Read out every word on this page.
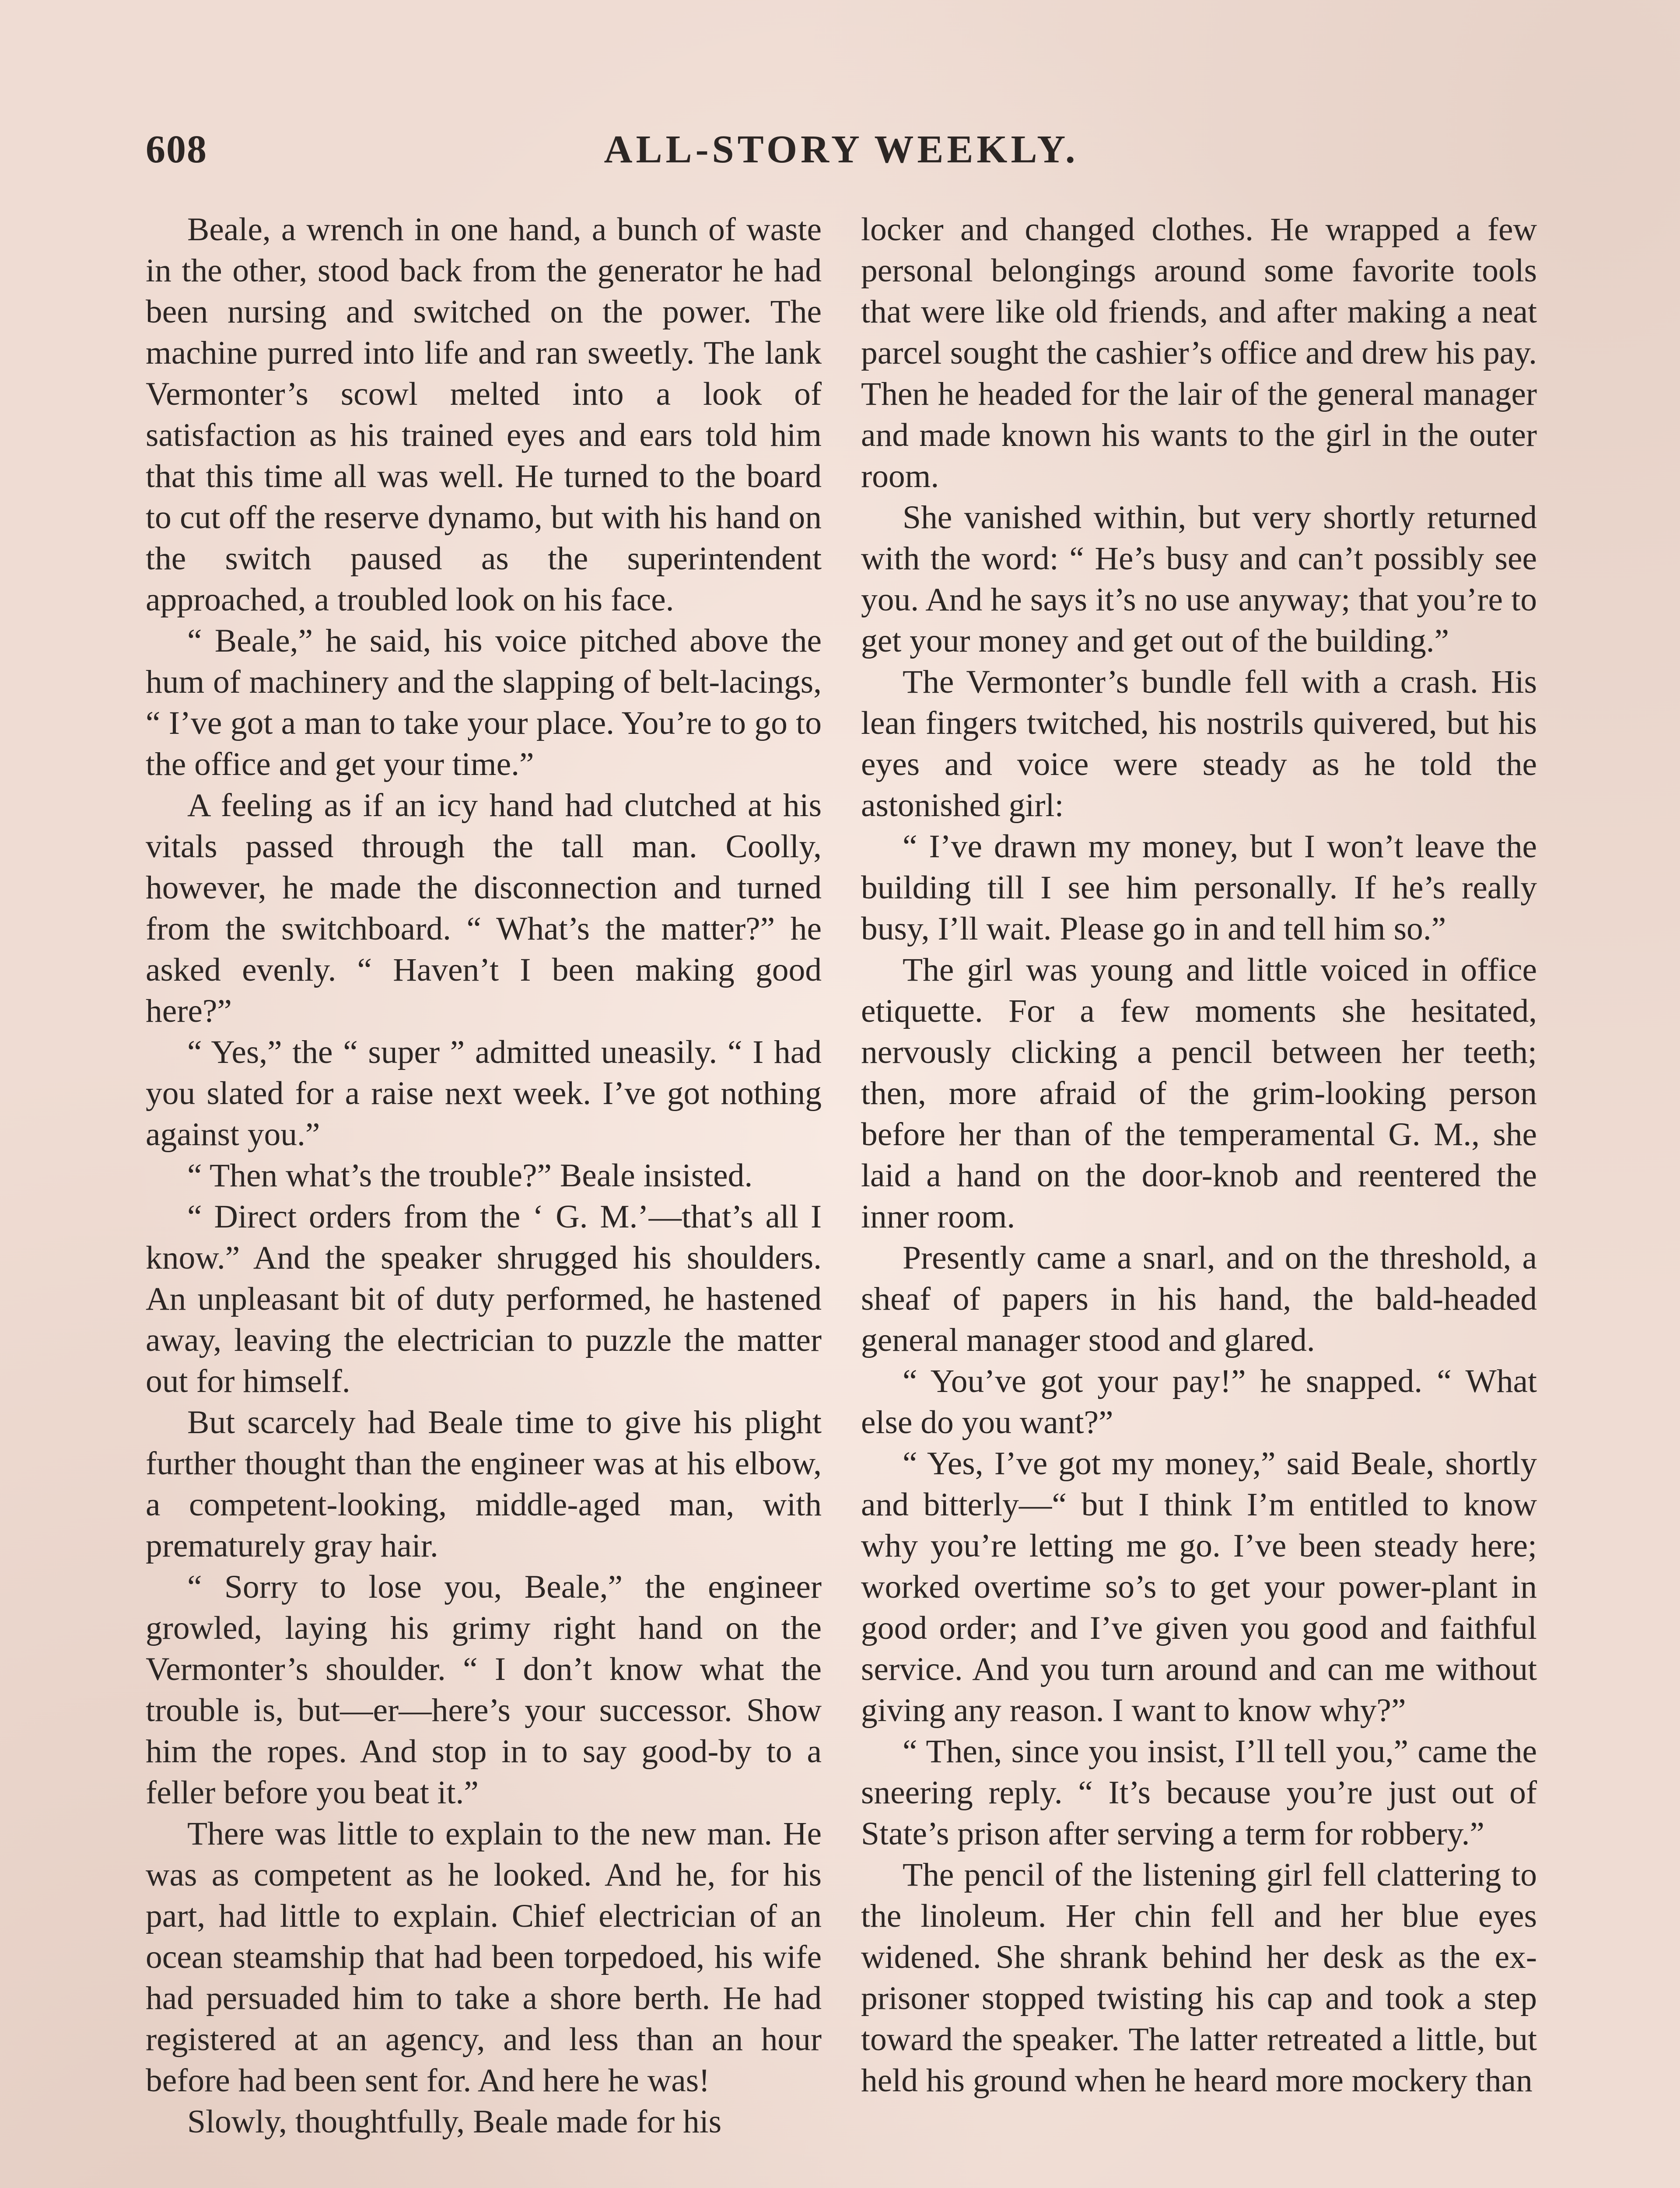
608	ALL-STORY WEEKLY.

Beale, a wrench in one hand, a bunch of waste in the other, stood back from the generator he had been nursing and switched on the power. The machine purred into life and ran sweetly. The lank Vermonter’s scowl melted into a look of satisfaction as his trained eyes and ears told him that this time all was well. He turned to the board to cut off the reserve dynamo, but with his hand on the switch paused as the superintendent approached, a troubled look on his face.

“ Beale,” he said, his voice pitched above the hum of machinery and the slapping of belt-lacings, “ I’ve got a man to take your place. You’re to go to the office and get your time.”

A feeling as if an icy hand had clutched at his vitals passed through the tall man. Coolly, however, he made the disconnection and turned from the switchboard. “ What’s the matter?” he asked evenly. “ Haven’t I been making good here?”

“ Yes,” the “ super ” admitted uneasily. “ I had you slated for a raise next week. I’ve got nothing against you.”

“ Then what’s the trouble?” Beale insisted.

“ Direct orders from the ‘ G. M.’—that’s all I know.” And the speaker shrugged his shoulders. An unpleasant bit of duty performed, he hastened away, leaving the electrician to puzzle the matter out for himself.

But scarcely had Beale time to give his plight further thought than the engineer was at his elbow, a competent-looking, middle-aged man, with prematurely gray hair.

“ Sorry to lose you, Beale,” the engineer growled, laying his grimy right hand on the Vermonter’s shoulder. “ I don’t know what the trouble is, but—er—here’s your successor. Show him the ropes. And stop in to say good-by to a feller before you beat it.”

There was little to explain to the new man. He was as competent as he looked. And he, for his part, had little to explain. Chief electrician of an ocean steamship that had been torpedoed, his wife had persuaded him to take a shore berth. He had registered at an agency, and less than an hour before had been sent for. And here he was!

Slowly, thoughtfully, Beale made for his

locker and changed clothes. He wrapped a few personal belongings around some favorite tools that were like old friends, and after making a neat parcel sought the cashier’s office and drew his pay. Then he headed for the lair of the general manager and made known his wants to the girl in the outer room.

She vanished within, but very shortly returned with the word: “ He’s busy and can’t possibly see you. And he says it’s no use anyway; that you’re to get your money and get out of the building.”

The Vermonter’s bundle fell with a crash. His lean fingers twitched, his nostrils quivered, but his eyes and voice were steady as he told the astonished girl:

“ I’ve drawn my money, but I won’t leave the building till I see him personally. If he’s really busy, I’ll wait. Please go in and tell him so.”

The girl was young and little voiced in office etiquette. For a few moments she hesitated, nervously clicking a pencil between her teeth; then, more afraid of the grim-looking person before her than of the temperamental G. M., she laid a hand on the door-knob and reentered the inner room.

Presently came a snarl, and on the threshold, a sheaf of papers in his hand, the bald-headed general manager stood and glared.

“ You’ve got your pay!” he snapped. “ What else do you want?”

“ Yes, I’ve got my money,” said Beale, shortly and bitterly—“ but I think I’m entitled to know why you’re letting me go. I’ve been steady here; worked overtime so’s to get your power-plant in good order; and I’ve given you good and faithful service. And you turn around and can me without giving any reason. I want to know why?”

“ Then, since you insist, I’ll tell you,” came the sneering reply. “ It’s because you’re just out of State’s prison after serving a term for robbery.”

The pencil of the listening girl fell clattering to the linoleum. Her chin fell and her blue eyes widened. She shrank behind her desk as the ex-prisoner stopped twisting his cap and took a step toward the speaker. The latter retreated a little, but held his ground when he heard more mockery than
